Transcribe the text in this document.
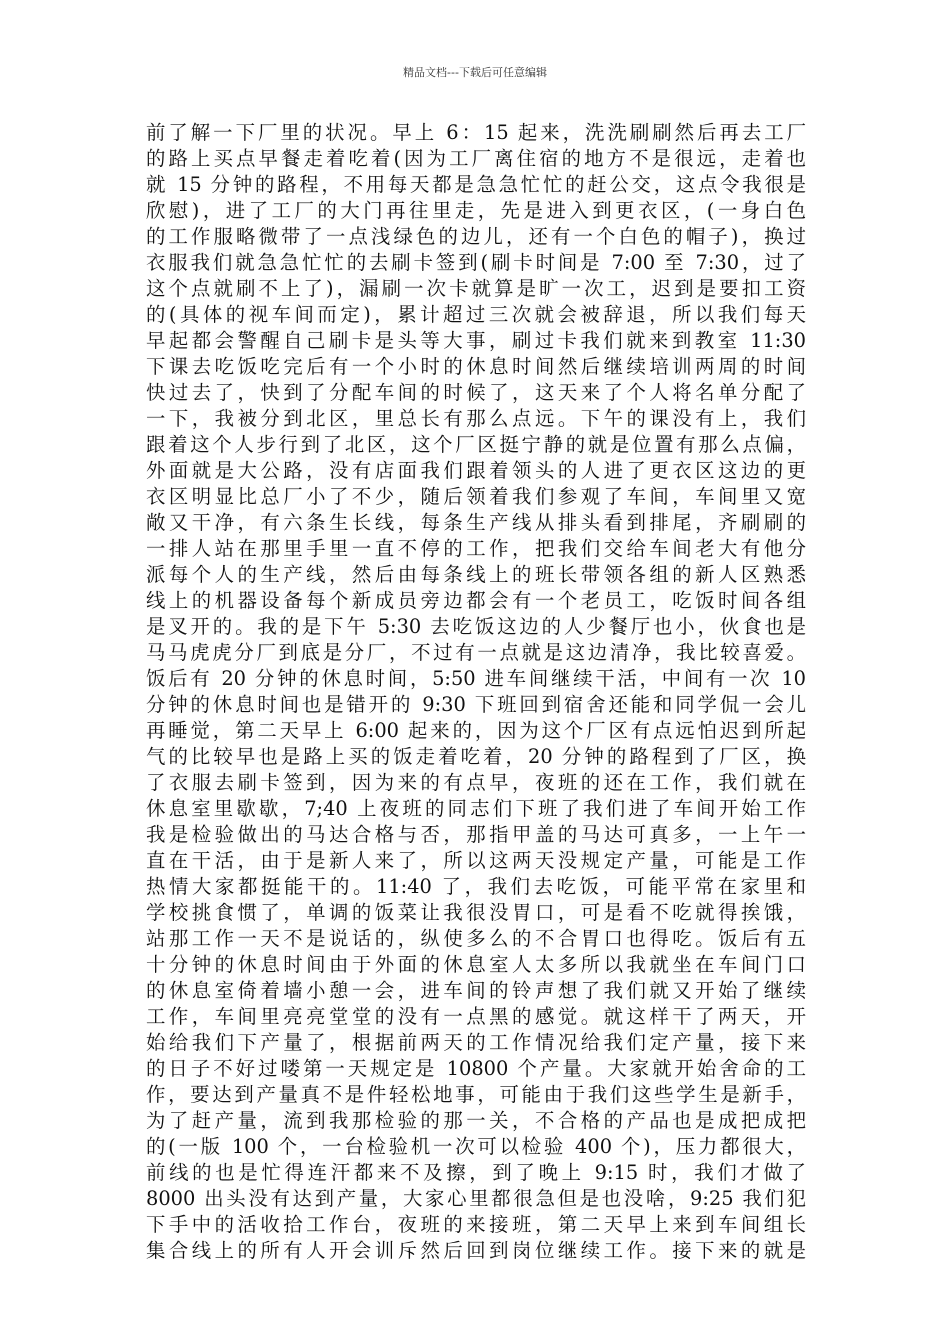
精品文档---下载后可任意编辑
前了解一下厂里的状况。早上 6：15 起来，洗洗刷刷然后再去工厂
的路上买点早餐走着吃着(因为工厂离住宿的地方不是很远，走着也
就 15 分钟的路程，不用每天都是急急忙忙的赶公交，这点令我很是
欣慰)，进了工厂的大门再往里走，先是进入到更衣区，(一身白色
的工作服略微带了一点浅绿色的边儿，还有一个白色的帽子)，换过
衣服我们就急急忙忙的去刷卡签到(刷卡时间是 7:00 至 7:30，过了
这个点就刷不上了)，漏刷一次卡就算是旷一次工，迟到是要扣工资
的(具体的视车间而定)，累计超过三次就会被辞退，所以我们每天
早起都会警醒自己刷卡是头等大事，刷过卡我们就来到教室 11:30
下课去吃饭吃完后有一个小时的休息时间然后继续培训两周的时间
快过去了，快到了分配车间的时候了，这天来了个人将名单分配了
一下，我被分到北区，里总长有那么点远。下午的课没有上，我们
跟着这个人步行到了北区，这个厂区挺宁静的就是位置有那么点偏，
外面就是大公路，没有店面我们跟着领头的人进了更衣区这边的更
衣区明显比总厂小了不少，随后领着我们参观了车间，车间里又宽
敞又干净，有六条生长线，每条生产线从排头看到排尾，齐刷刷的
一排人站在那里手里一直不停的工作，把我们交给车间老大有他分
派每个人的生产线，然后由每条线上的班长带领各组的新人区熟悉
线上的机器设备每个新成员旁边都会有一个老员工，吃饭时间各组
是叉开的。我的是下午 5:30 去吃饭这边的人少餐厅也小，伙食也是
马马虎虎分厂到底是分厂，不过有一点就是这边清净，我比较喜爱。
饭后有 20 分钟的休息时间，5:50 进车间继续干活，中间有一次 10
分钟的休息时间也是错开的 9:30 下班回到宿舍还能和同学侃一会儿
再睡觉，第二天早上 6:00 起来的，因为这个厂区有点远怕迟到所起
气的比较早也是路上买的饭走着吃着，20 分钟的路程到了厂区，换
了衣服去刷卡签到，因为来的有点早，夜班的还在工作，我们就在
休息室里歇歇，7;40 上夜班的同志们下班了我们进了车间开始工作
我是检验做出的马达合格与否，那指甲盖的马达可真多，一上午一
直在干活，由于是新人来了，所以这两天没规定产量，可能是工作
热情大家都挺能干的。11:40 了，我们去吃饭，可能平常在家里和
学校挑食惯了，单调的饭菜让我很没胃口，可是看不吃就得挨饿，
站那工作一天不是说话的，纵使多么的不合胃口也得吃。饭后有五
十分钟的休息时间由于外面的休息室人太多所以我就坐在车间门口
的休息室倚着墙小憩一会，进车间的铃声想了我们就又开始了继续
工作，车间里亮亮堂堂的没有一点黑的感觉。就这样干了两天，开
始给我们下产量了，根据前两天的工作情况给我们定产量，接下来
的日子不好过喽第一天规定是 10800 个产量。大家就开始舍命的工
作，要达到产量真不是件轻松地事，可能由于我们这些学生是新手，
为了赶产量，流到我那检验的那一关，不合格的产品也是成把成把
的(一版 100 个，一台检验机一次可以检验 400 个)，压力都很大，
前线的也是忙得连汗都来不及擦，到了晚上 9:15 时，我们才做了
8000 出头没有达到产量，大家心里都很急但是也没啥，9:25 我们犯
下手中的活收拾工作台，夜班的来接班，第二天早上来到车间组长
集合线上的所有人开会训斥然后回到岗位继续工作。接下来的就是
